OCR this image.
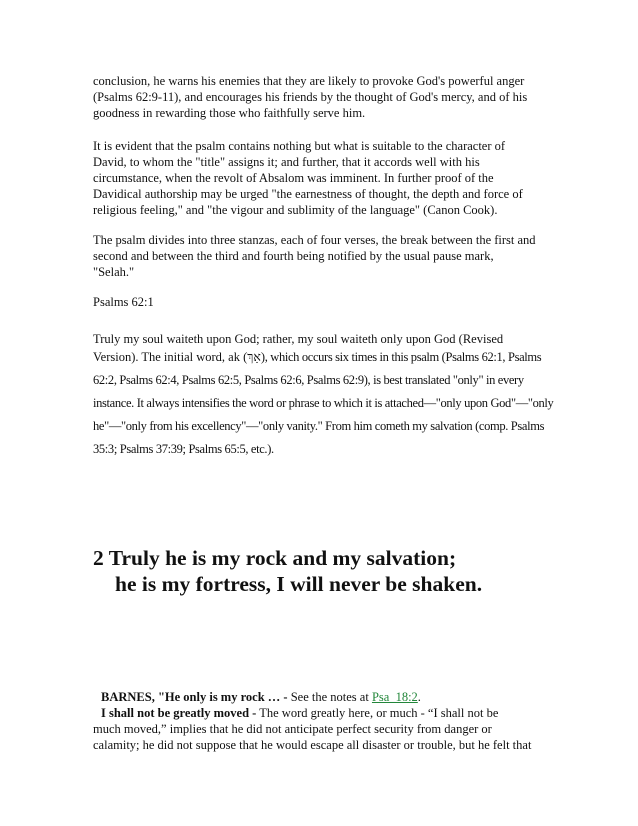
conclusion, he warns his enemies that they are likely to provoke God's powerful anger
(Psalms 62:9-11), and encourages his friends by the thought of God's mercy, and of his
goodness in rewarding those who faithfully serve him.
It is evident that the psalm contains nothing but what is suitable to the character of
David, to whom the "title" assigns it; and further, that it accords well with his
circumstance, when the revolt of Absalom was imminent. In further proof of the
Davidical authorship may be urged "the earnestness of thought, the depth and force of
religious feeling," and "the vigour and sublimity of the language" (Canon Cook).
The psalm divides into three stanzas, each of four verses, the break between the first and
second and between the third and fourth being notified by the usual pause mark,
"Selah."
Psalms 62:1
Truly my soul waiteth upon God; rather, my soul waiteth only upon God (Revised
Version). The initial word, ak (אַךְ), which occurs six times in this psalm (Psalms 62:1, Psalms
62:2, Psalms 62:4, Psalms 62:5, Psalms 62:6, Psalms 62:9), is best translated "only" in every
instance. It always intensifies the word or phrase to which it is attached—"only upon God"—"only
he"—"only from his excellency"—"only vanity." From him cometh my salvation (comp. Psalms
35:3; Psalms 37:39; Psalms 65:5, etc.).
2 Truly he is my rock and my salvation;
he is my fortress, I will never be shaken.
BARNES, "He only is my rock … - See the notes at Psa_18:2.
I shall not be greatly moved - The word greatly here, or much - “I shall not be
much moved,” implies that he did not anticipate perfect security from danger or
calamity; he did not suppose that he would escape all disaster or trouble, but he felt that
